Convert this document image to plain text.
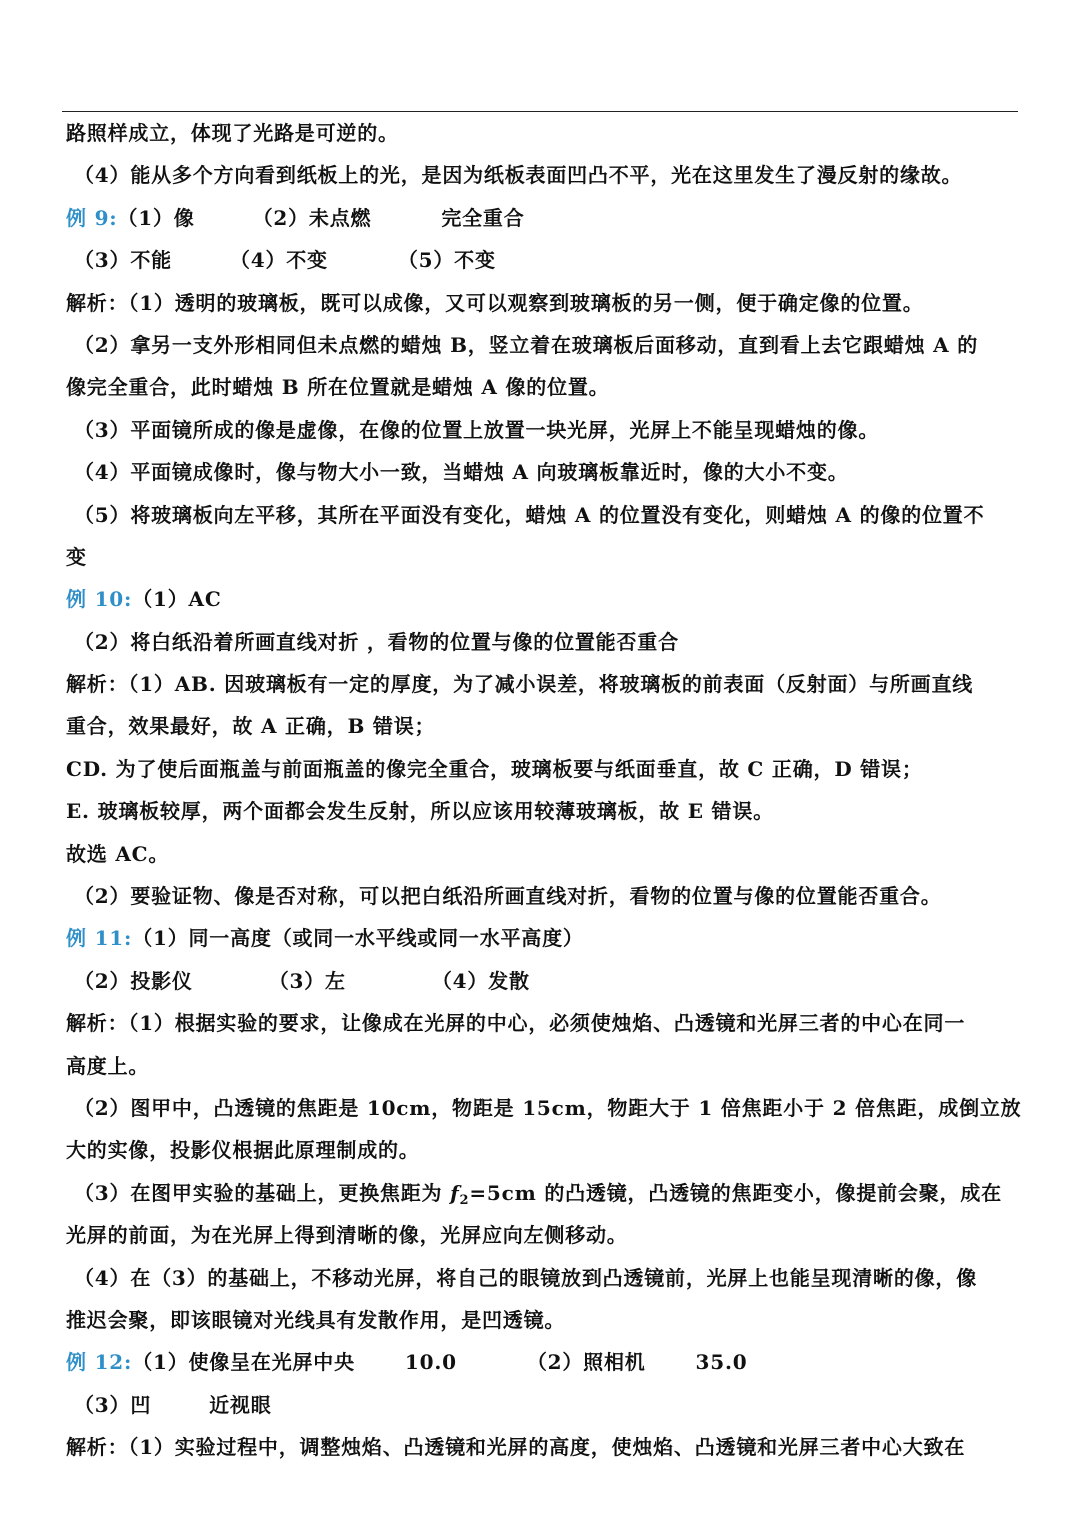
路照样成立，体现了光路是可逆的。
（4）能从多个方向看到纸板上的光，是因为纸板表面凹凸不平，光在这里发生了漫反射的缘故。
例 9:（1）像	（2）未点燃	完全重合
（3）不能	（4）不变	（5）不变
解析：（1）透明的玻璃板，既可以成像，又可以观察到玻璃板的另一侧，便于确定像的位置。
（2）拿另一支外形相同但未点燃的蜡烛 B，竖立着在玻璃板后面移动，直到看上去它跟蜡烛 A 的
像完全重合，此时蜡烛 B 所在位置就是蜡烛 A 像的位置。
（3）平面镜所成的像是虚像，在像的位置上放置一块光屏，光屏上不能呈现蜡烛的像。
（4）平面镜成像时，像与物大小一致，当蜡烛 A 向玻璃板靠近时，像的大小不变。
（5）将玻璃板向左平移，其所在平面没有变化，蜡烛 A 的位置没有变化，则蜡烛 A 的像的位置不
变
例 10:（1）AC
（2）将白纸沿着所画直线对折 ，看物的位置与像的位置能否重合
解析：（1）AB. 因玻璃板有一定的厚度，为了减小误差，将玻璃板的前表面（反射面）与所画直线
重合，效果最好，故 A 正确，B 错误；
CD. 为了使后面瓶盖与前面瓶盖的像完全重合，玻璃板要与纸面垂直，故 C 正确，D 错误；
E. 玻璃板较厚，两个面都会发生反射，所以应该用较薄玻璃板，故 E 错误。
故选 AC。
（2）要验证物、像是否对称，可以把白纸沿所画直线对折，看物的位置与像的位置能否重合。
例 11:（1）同一高度（或同一水平线或同一水平高度）
（2）投影仪	（3）左	（4）发散
解析：（1）根据实验的要求，让像成在光屏的中心，必须使烛焰、凸透镜和光屏三者的中心在同一
高度上。
（2）图甲中，凸透镜的焦距是 10cm，物距是 15cm，物距大于 1 倍焦距小于 2 倍焦距，成倒立放
大的实像，投影仪根据此原理制成的。
（3）在图甲实验的基础上，更换焦距为 $f_2=5cm$ 的凸透镜，凸透镜的焦距变小，像提前会聚，成在
光屏的前面，为在光屏上得到清晰的像，光屏应向左侧移动。
（4）在（3）的基础上，不移动光屏，将自己的眼镜放到凸透镜前，光屏上也能呈现清晰的像，像
推迟会聚，即该眼镜对光线具有发散作用，是凹透镜。
例 12:（1）使像呈在光屏中央	10.0	（2）照相机	35.0
（3）凹	近视眼
解析：（1）实验过程中，调整烛焰、凸透镜和光屏的高度，使烛焰、凸透镜和光屏三者中心大致在
